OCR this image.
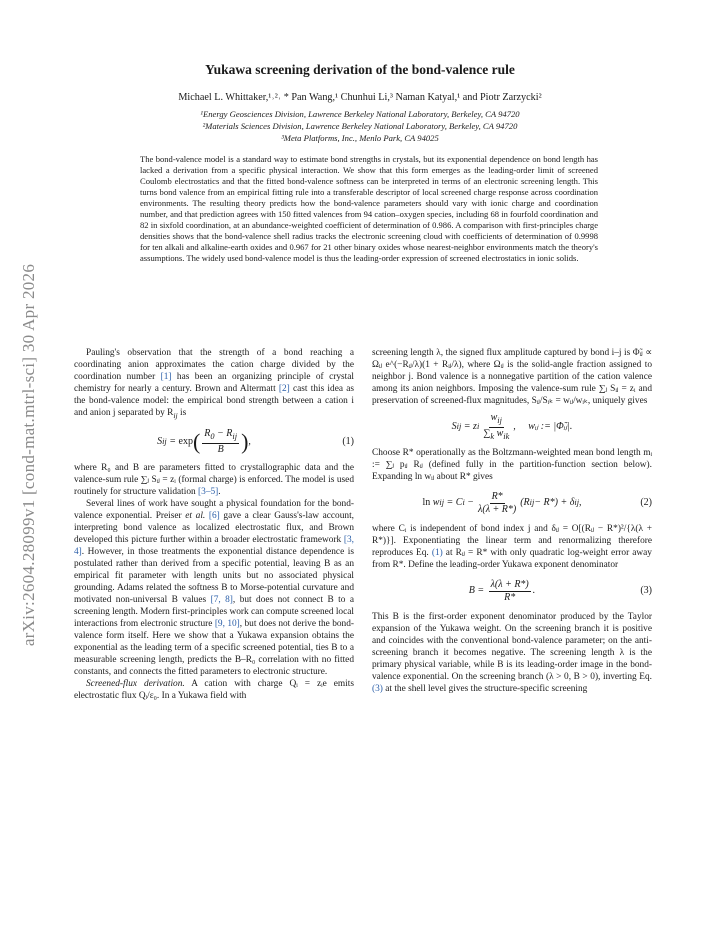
arXiv:2604.28099v1 [cond-mat.mtrl-sci] 30 Apr 2026
Yukawa screening derivation of the bond-valence rule
Michael L. Whittaker,¹˒²˒ * Pan Wang,¹ Chunhui Li,³ Naman Katyal,¹ and Piotr Zarzycki²
¹Energy Geosciences Division, Lawrence Berkeley National Laboratory, Berkeley, CA 94720
²Materials Sciences Division, Lawrence Berkeley National Laboratory, Berkeley, CA 94720
³Meta Platforms, Inc., Menlo Park, CA 94025
The bond-valence model is a standard way to estimate bond strengths in crystals, but its exponential dependence on bond length has lacked a derivation from a specific physical interaction. We show that this form emerges as the leading-order limit of screened Coulomb electrostatics and that the fitted bond-valence softness can be interpreted in terms of an electronic screening length. This turns bond valence from an empirical fitting rule into a transferable descriptor of local screened charge response across coordination environments. The resulting theory predicts how the bond-valence parameters should vary with ionic charge and coordination number, and that prediction agrees with 150 fitted valences from 94 cation–oxygen species, including 68 in fourfold coordination and 82 in sixfold coordination, at an abundance-weighted coefficient of determination of 0.986. A comparison with first-principles charge densities shows that the bond-valence shell radius tracks the electronic screening cloud with coefficients of determination of 0.9998 for ten alkali and alkaline-earth oxides and 0.967 for 21 other binary oxides whose nearest-neighbor environments match the theory's assumptions. The widely used bond-valence model is thus the leading-order expression of screened electrostatics in ionic solids.

Pauling's observation that the strength of a bond reaching a coordinating anion approximates the cation charge divided by the coordination number [1] has been an organizing principle of crystal chemistry for nearly a century. Brown and Altermatt [2] cast this idea as the bond-valence model: the empirical bond strength between a cation i and anion j separated by $R_{ij}$ is

S ij = exp ( $\frac{R_0 - R_{ij}}{B}$ ) ,	(1)

where R₀ and B are parameters fitted to crystallographic data and the valence-sum rule ∑ⱼ Sᵢⱼ = zᵢ (formal charge) is enforced. The model is used routinely for structure validation [3–5].

Several lines of work have sought a physical foundation for the bond-valence exponential. Preiser et al. [6] gave a clear Gauss's-law account, interpreting bond valence as localized electrostatic flux, and Brown developed this picture further within a broader electrostatic framework [3, 4]. However, in those treatments the exponential distance dependence is postulated rather than derived from a specific potential, leaving B as an empirical fit parameter with length units but no associated physical grounding. Adams related the softness B to Morse-potential curvature and motivated non-universal B values [7, 8], but does not connect B to a screening length. Modern first-principles work can compute screened local interactions from electronic structure [9, 10], but does not derive the bond-valence form itself. Here we show that a Yukawa expansion obtains the exponential as the leading term of a specific screened potential, ties B to a measurable screening length, predicts the B–R₀ correlation with no fitted constants, and connects the fitted parameters to electronic structure.

Screened-flux derivation. A cation with charge Qᵢ = zᵢe emits electrostatic flux Qᵢ/ε₀. In a Yukawa field with

screening length λ, the signed flux amplitude captured by bond i–j is Φ̃ᵢⱼ ∝ Ωᵢⱼ e^(−Rᵢⱼ/λ)(1 + Rᵢⱼ/λ), where Ωᵢⱼ is the solid-angle fraction assigned to neighbor j. Bond valence is a nonnegative partition of the cation valence among its anion neighbors. Imposing the valence-sum rule ∑ⱼ Sᵢⱼ = zᵢ and preservation of screened-flux magnitudes, Sᵢⱼ/Sᵢₖ = wᵢⱼ/wᵢₖ, uniquely gives

S ij = z i $\frac{w_{ij}}{\sum_k w_{ik}}$ , wᵢⱼ := |Φ̃ᵢⱼ|.

Choose R* operationally as the Boltzmann-weighted mean bond length mᵢ := ∑ⱼ pᵢⱼ Rᵢⱼ (defined fully in the partition-function section below). Expanding ln wᵢⱼ about R* gives

ln w ij = C $i - \frac{R*}{\lambda(\lambda + R*)} (R$ ij − R*) + δ ij ,	(2)

where Cᵢ is independent of bond index j and δᵢⱼ = O[(Rᵢⱼ − R*)²/{λ(λ + R*)}]. Exponentiating the linear term and renormalizing therefore reproduces Eq. (1) at Rᵢⱼ = R* with only quadratic log-weight error away from R*. Define the leading-order Yukawa exponent denominator

$B = \frac{\lambda(\lambda + R*)}{R*}$ .	(3)

This B is the first-order exponent denominator produced by the Taylor expansion of the Yukawa weight. On the screening branch it is positive and coincides with the conventional bond-valence parameter; on the anti-screening branch it becomes negative. The screening length λ is the primary physical variable, while B is its leading-order image in the bond-valence exponential. On the screening branch (λ > 0, B > 0), inverting Eq. (3) at the shell level gives the structure-specific screening
